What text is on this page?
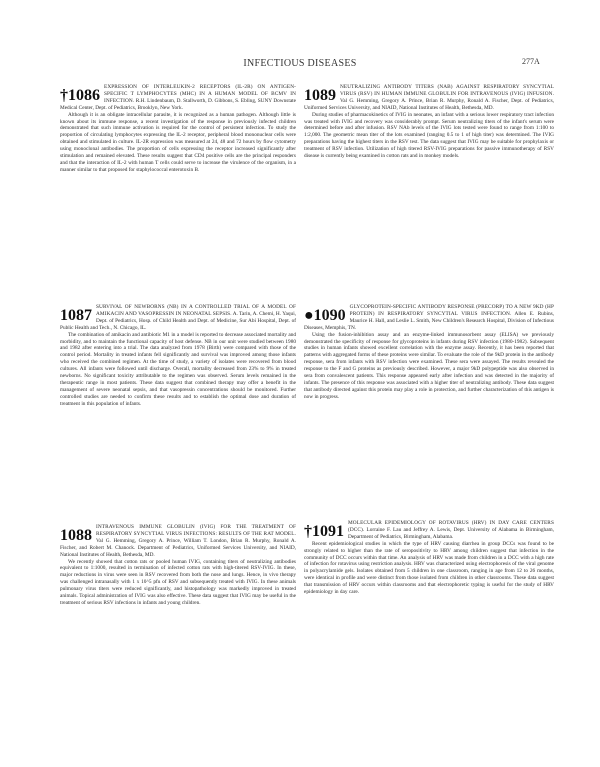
INFECTIOUS DISEASES	277A
†1086 EXPRESSION OF INTERLEUKIN-2 RECEPTORS (IL-2R) ON ANTIGEN-SPECIFIC T LYMPHOCYTES (MHC) IN A HUMAN MODEL OF BCMV IN INFECTION. R.H. Lindenbaum, D. Stallworth, D. Gibbons, S. Ebling, SUNY Downstate Medical Center, Dept. of Pediatrics, Brooklyn, New York.

Although it is an obligate intracellular parasite, it is recognized as a human pathogen. Although little is known about its immune response, a recent investigation of the response in previously infected children demonstrated that such immune activation is required for the control of persistent infection. To study the proportion of circulating lymphocytes expressing the IL-2 receptor, peripheral blood mononuclear cells were obtained and stimulated in culture. IL-2R expression was measured at 24, 48 and 72 hours by flow cytometry using monoclonal antibodies. The proportion of cells expressing the receptor increased significantly after stimulation and remained elevated. These results suggest that CD4 positive cells are the principal responders and that the interaction of IL-2 with human T cells could serve to increase the virulence of the organism, in a manner similar to that proposed for staphylococcal enterotoxin B.

1087 SURVIVAL OF NEWBORNS (NB) IN A CONTROLLED TRIAL OF A MODEL OF AMIKACIN AND VASOPRESSIN IN NEONATAL SEPSIS. A. Tarin, A. Chemi, H. Yaqui, Dept. of Pediatrics, Hosp. of Child Health and Dept. of Medicine, Sur Abi Hospital, Dept. of Public Health and Tech., N. Chicago, IL.

The combination of amikacin and antibiotic M1 in a model is reported to decrease associated mortality and morbidity, and to maintain the functional capacity of host defense. NB in our unit were studied between 1980 and 1982 after entering into a trial. The data analyzed from 1978 (Birth) were compared with those of the control period. Mortality in treated infants fell significantly and survival was improved among those infants who received the combined regimen. At the time of study, a variety of isolates were recovered from blood cultures. All infants were followed until discharge. Overall, mortality decreased from 23% to 9% in treated newborns. No significant toxicity attributable to the regimen was observed. Serum levels remained in the therapeutic range in most patients. These data suggest that combined therapy may offer a benefit in the management of severe neonatal sepsis, and that vasopressin concentrations should be monitored. Further controlled studies are needed to confirm these results and to establish the optimal dose and duration of treatment in this population of infants.

1088 INTRAVENOUS IMMUNE GLOBULIN (IVIG) FOR THE TREATMENT OF RESPIRATORY SYNCYTIAL VIRUS INFECTIONS: RESULTS OF THE RAT MODEL. Val G. Hemming, Gregory A. Prince, William T. London, Brian R. Murphy, Ronald A. Fischer, and Robert M. Chanock. Department of Pediatrics, Uniformed Services University, and NIAID, National Institutes of Health, Bethesda, MD.

We recently showed that cotton rats or pooled human IVIG, containing titers of neutralizing antibodies equivalent to 1:1000, resulted in termination of infected cotton rats with high-titered RSV-IVIG. In these, major reductions in virus were seen in RSV recovered from both the nose and lungs. Hence, in vivo therapy was challenged intranasally with 1 x 10^5 pfu of RSV and subsequently treated with IVIG. In these animals pulmonary virus titers were reduced significantly, and histopathology was markedly improved in treated animals. Topical administration of IVIG was also effective. These data suggest that IVIG may be useful in the treatment of serious RSV infections in infants and young children.

1089 NEUTRALIZING ANTIBODY TITERS (NAB) AGAINST RESPIRATORY SYNCYTIAL VIRUS (RSV) IN HUMAN IMMUNE GLOBULIN FOR INTRAVENOUS (IVIG) INFUSION. Val G. Hemming, Gregory A. Prince, Brian R. Murphy, Ronald A. Fischer, Dept. of Pediatrics, Uniformed Services University, and NIAID, National Institutes of Health, Bethesda, MD.

During studies of pharmacokinetics of IVIG in neonates, an infant with a serious lower respiratory tract infection was treated with IVIG and recovery was considerably prompt. Serum neutralizing titers of the infant's serum were determined before and after infusion. RSV NAb levels of the IVIG lots tested were found to range from 1:100 to 1:2,000. The geometric mean titer of the lots examined (ranging 0.5 to 1 of high titer) was determined. The IVIG preparations having the highest titers in the RSV test. The data suggest that IVIG may be suitable for prophylaxis or treatment of RSV infection. Utilization of high titered RSV-IVIG preparations for passive immunotherapy of RSV disease is currently being examined in cotton rats and in monkey models.

●1090 GLYCOPROTEIN-SPECIFIC ANTIBODY RESPONSE (PRECORP) TO A NEW 9KD (HP PROTEIN) IN RESPIRATORY SYNCYTIAL VIRUS INFECTION. Allen E. Rubins, Maurice H. Hall, and Leslie L. Smith, New Children's Research Hospital, Division of Infectious Diseases, Memphis, TN.

Using the fusion-inhibition assay and an enzyme-linked immunosorbent assay (ELISA) we previously demonstrated the specificity of response for glycoproteins in infants during RSV infection (1980-1982). Subsequent studies in human infants showed excellent correlation with the enzyme assay. Recently, it has been reported that patterns with aggregated forms of these proteins were similar. To evaluate the role of the 9kD protein in the antibody response, sera from infants with RSV infection were examined. These sera were assayed. The results revealed the response to the F and G proteins as previously described. However, a major 9kD polypeptide was also observed in sera from convalescent patients. This response appeared early after infection and was detected in the majority of infants. The presence of this response was associated with a higher titer of neutralizing antibody. These data suggest that antibody directed against this protein may play a role in protection, and further characterization of this antigen is now in progress.

†1091 MOLECULAR EPIDEMIOLOGY OF ROTAVIRUS (HRV) IN DAY CARE CENTERS (DCC). Lorraine F. Lau and Jeffrey A. Lewis, Dept. University of Alabama in Birmingham, Department of Pediatrics, Birmingham, Alabama.

Recent epidemiological studies in which the type of HRV causing diarrhea in group DCCs was found to be strongly related to higher than the rate of seropositivity to HRV among children suggest that infection in the community of DCC occurs within that time. An analysis of HRV was made from children in a DCC with a high rate of infection for rotavirus using restriction analysis. HRV was characterized using electrophoresis of the viral genome in polyacrylamide gels. Isolates obtained from 5 children in one classroom, ranging in age from 12 to 26 months, were identical in profile and were distinct from those isolated from children in other classrooms. These data suggest that transmission of HRV occurs within classrooms and that electrophoretic typing is useful for the study of HRV epidemiology in day care.
